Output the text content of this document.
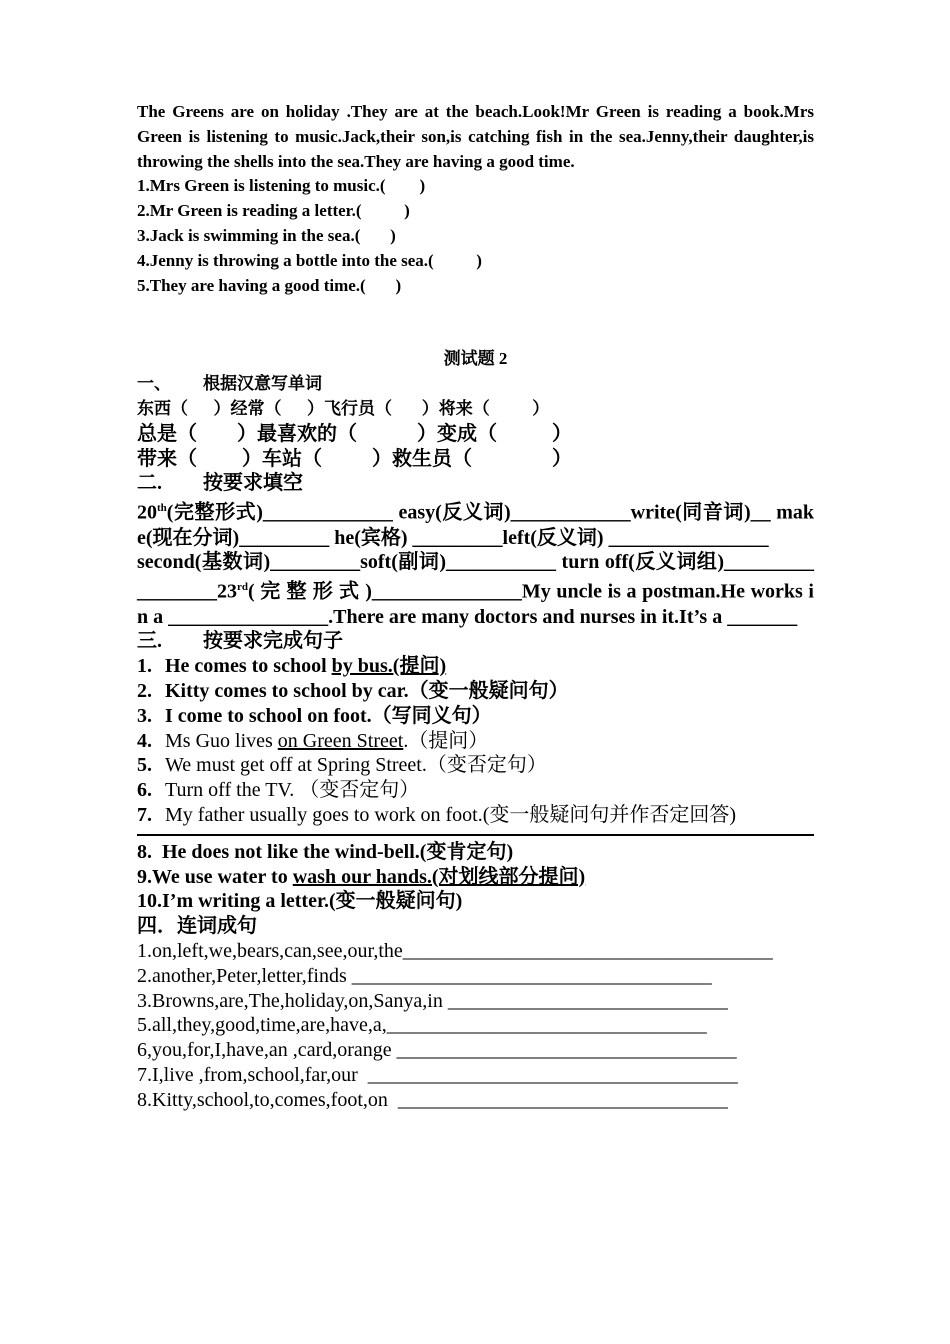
The Greens are on holiday .They are at the beach.Look!Mr Green is reading a book.Mrs Green is listening to music.Jack,their son,is catching fish in the sea.Jenny,their daughter,is throwing the shells into the sea.They are having a good time.
1.Mrs Green is listening to music.(        )
2.Mr Green is reading a letter.(          )
3.Jack is swimming in the sea.(       )
4.Jenny is throwing a bottle into the sea.(          )
5.They are having a good time.(       )
测试题 2
一、	根据汉意写单词
东西（      ）经常（      ）飞行员（       ）将来（          ）
总是（        ）最喜欢的（            ）变成（           ）
带来（         ）车站（          ）救生员（                ）
二.	按要求填空
20th(完整形式)_____________ easy(反义词)____________write(同音词)__ make(现在分词)_________ he(宾格) _________left(反义词) ________________
second(基数词)_________soft(副词)___________ turn off(反义词组)_________________23rd( 完 整 形 式 )_______________My uncle is a postman.He works in a ________________.There are many doctors and nurses in it.It’s a _______
三.	按要求完成句子
1. He comes to school by bus.(提问)
2. Kitty comes to school by car.（变一般疑问句）
3. I come to school on foot.（写同义句）
4. Ms Guo lives on Green Street.（提问）
5. We must get off at Spring Street.（变否定句）
6. Turn off the TV. （变否定句）
7. My father usually goes to work on foot.(变一般疑问句并作否定回答)
8.  He does not like the wind-bell.(变肯定句)
9.We use water to wash our hands.(对划线部分提问)
10.I’m writing a letter.(变一般疑问句)
四．连词成句
1.on,left,we,bears,can,see,our,the_____________________________________
2.another,Peter,letter,finds ____________________________________
3.Browns,are,The,holiday,on,Sanya,in ____________________________
5.all,they,good,time,are,have,a,________________________________
6,you,for,I,have,an ,card,orange __________________________________
7.I,live ,from,school,far,our  _____________________________________
8.Kitty,school,to,comes,foot,on  _________________________________
